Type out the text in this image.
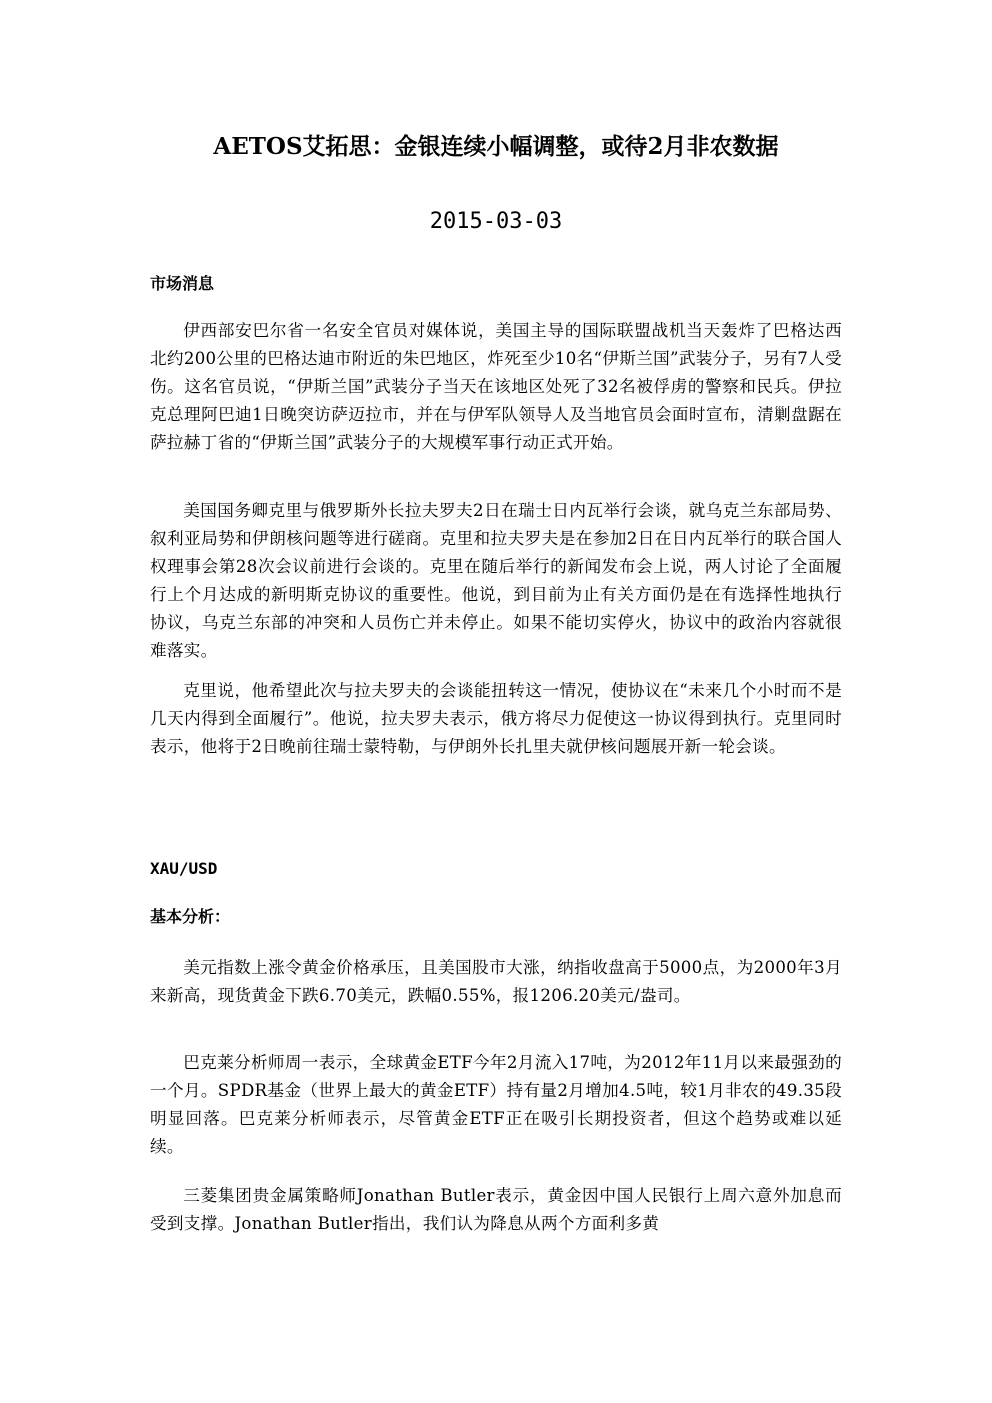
AETOS艾拓思：金银连续小幅调整，或待2月非农数据
2015-03-03
市场消息
伊西部安巴尔省一名安全官员对媒体说，美国主导的国际联盟战机当天轰炸了巴格达西北约200公里的巴格达迪市附近的朱巴地区，炸死至少10名“伊斯兰国”武装分子，另有7人受伤。这名官员说，“伊斯兰国”武装分子当天在该地区处死了32名被俘虏的警察和民兵。伊拉克总理阿巴迪1日晚突访萨迈拉市，并在与伊军队领导人及当地官员会面时宣布，清剿盘踞在萨拉赫丁省的“伊斯兰国”武装分子的大规模军事行动正式开始。
美国国务卿克里与俄罗斯外长拉夫罗夫2日在瑞士日内瓦举行会谈，就乌克兰东部局势、叙利亚局势和伊朗核问题等进行磋商。克里和拉夫罗夫是在参加2日在日内瓦举行的联合国人权理事会第28次会议前进行会谈的。克里在随后举行的新闻发布会上说，两人讨论了全面履行上个月达成的新明斯克协议的重要性。他说，到目前为止有关方面仍是在有选择性地执行协议，乌克兰东部的冲突和人员伤亡并未停止。如果不能切实停火，协议中的政治内容就很难落实。
克里说，他希望此次与拉夫罗夫的会谈能扭转这一情况，使协议在“未来几个小时而不是几天内得到全面履行”。他说，拉夫罗夫表示，俄方将尽力促使这一协议得到执行。克里同时表示，他将于2日晚前往瑞士蒙特勒，与伊朗外长扎里夫就伊核问题展开新一轮会谈。
XAU/USD
基本分析：
美元指数上涨令黄金价格承压，且美国股市大涨，纳指收盘高于5000点，为2000年3月来新高，现货黄金下跌6.70美元，跌幅0.55%，报1206.20美元/盎司。
巴克莱分析师周一表示，全球黄金ETF今年2月流入17吨，为2012年11月以来最强劲的一个月。SPDR基金（世界上最大的黄金ETF）持有量2月增加4.5吨，较1月非农的49.35段明显回落。巴克莱分析师表示，尽管黄金ETF正在吸引长期投资者，但这个趋势或难以延续。
三菱集团贵金属策略师Jonathan Butler表示，黄金因中国人民银行上周六意外加息而受到支撑。Jonathan Butler指出，我们认为降息从两个方面利多黄
